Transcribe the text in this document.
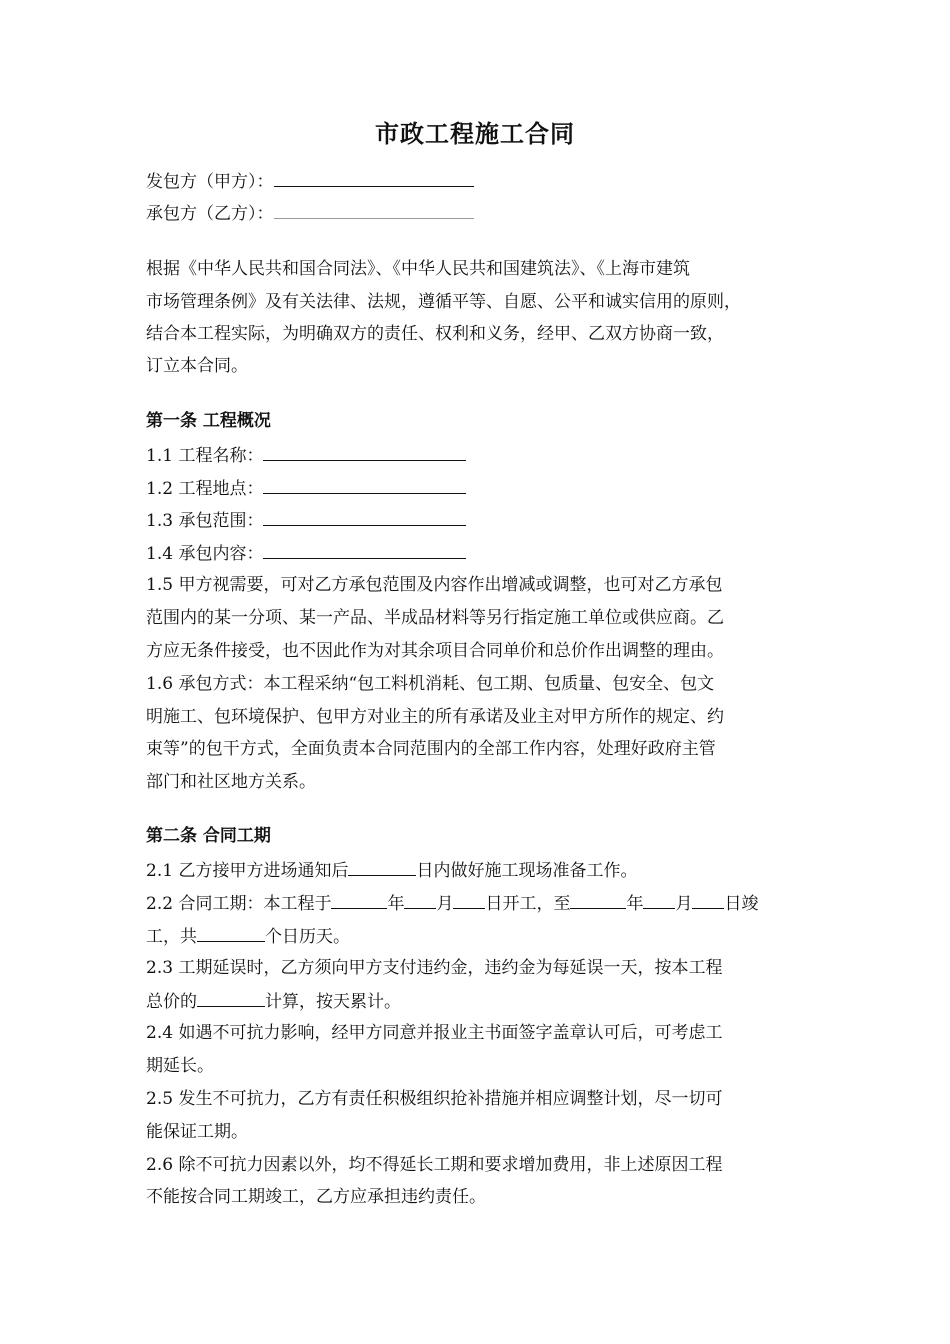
市政工程施工合同
发包方（甲方）：
承包方（乙方）：
根据《中华人民共和国合同法》、《中华人民共和国建筑法》、《上海市建筑
市场管理条例》及有关法律、法规，遵循平等、自愿、公平和诚实信用的原则，
结合本工程实际，为明确双方的责任、权利和义务，经甲、乙双方协商一致，
订立本合同。
第一条 工程概况
1.1 工程名称：
1.2 工程地点：
1.3 承包范围：
1.4 承包内容：
1.5 甲方视需要，可对乙方承包范围及内容作出增减或调整，也可对乙方承包
范围内的某一分项、某一产品、半成品材料等另行指定施工单位或供应商。乙
方应无条件接受，也不因此作为对其余项目合同单价和总价作出调整的理由。
1.6 承包方式：本工程采纳“包工料机消耗、包工期、包质量、包安全、包文
明施工、包环境保护、包甲方对业主的所有承诺及业主对甲方所作的规定、约
束等”的包干方式，全面负责本合同范围内的全部工作内容，处理好政府主管
部门和社区地方关系。
第二条 合同工期
2.1 乙方接甲方进场通知后	日内做好施工现场准备工作。
2.2 合同工期：本工程于	年 月 日开工，至	年 月 日竣
工，共	个日历天。
2.3 工期延误时，乙方须向甲方支付违约金，违约金为每延误一天，按本工程
总价的	计算，按天累计。
2.4 如遇不可抗力影响，经甲方同意并报业主书面签字盖章认可后，可考虑工
期延长。
2.5 发生不可抗力，乙方有责任积极组织抢补措施并相应调整计划，尽一切可
能保证工期。
2.6 除不可抗力因素以外，均不得延长工期和要求增加费用，非上述原因工程
不能按合同工期竣工，乙方应承担违约责任。
